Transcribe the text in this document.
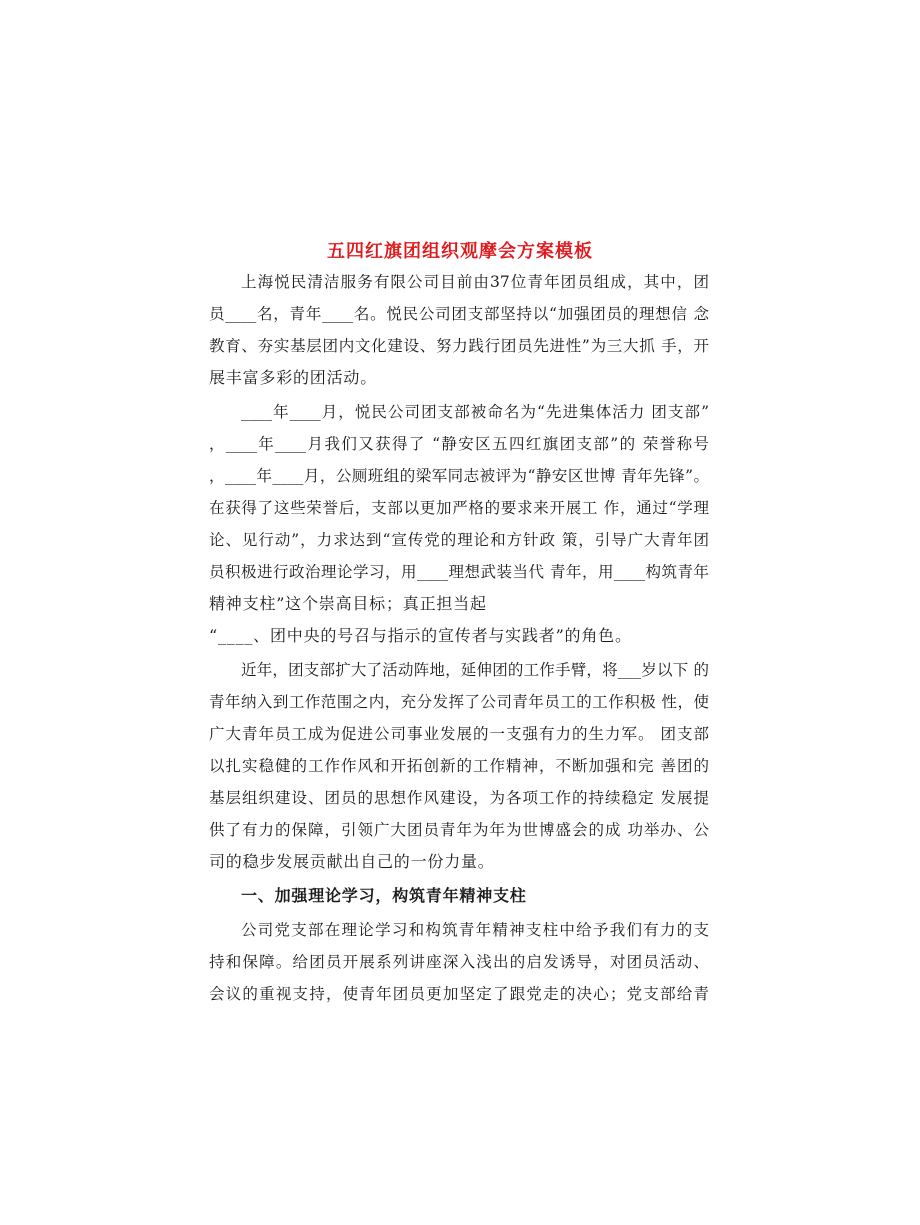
五四红旗团组织观摩会方案模板
上海悦民清洁服务有限公司目前由37位青年团员组成，其中，团
员____名，青年____名。悦民公司团支部坚持以“加强团员的理想信 念
教育、夯实基层团内文化建设、努力践行团员先进性”为三大抓 手，开
展丰富多彩的团活动。
____年____月，悦民公司团支部被命名为“先进集体活力 团支部”
，____年____月我们又获得了 “静安区五四红旗团支部”的 荣誉称号
，____年____月，公厕班组的梁军同志被评为“静安区世博 青年先锋”。
在获得了这些荣誉后，支部以更加严格的要求来开展工 作，通过“学理
论、见行动”，力求达到“宣传党的理论和方针政 策，引导广大青年团
员积极进行政治理论学习，用____理想武装当代 青年，用____构筑青年
精神支柱”这个崇高目标；真正担当起
“____、团中央的号召与指示的宣传者与实践者”的角色。
近年，团支部扩大了活动阵地，延伸团的工作手臂，将___岁以下 的
青年纳入到工作范围之内，充分发挥了公司青年员工的工作积极 性，使
广大青年员工成为促进公司事业发展的一支强有力的生力军。 团支部
以扎实稳健的工作作风和开拓创新的工作精神，不断加强和完 善团的
基层组织建设、团员的思想作风建设，为各项工作的持续稳定 发展提
供了有力的保障，引领广大团员青年为年为世博盛会的成 功举办、公
司的稳步发展贡献出自己的一份力量。
一、加强理论学习，构筑青年精神支柱
公司党支部在理论学习和构筑青年精神支柱中给予我们有力的支
持和保障。给团员开展系列讲座深入浅出的启发诱导，对团员活动、
会议的重视支持，使青年团员更加坚定了跟党走的决心；党支部给青
